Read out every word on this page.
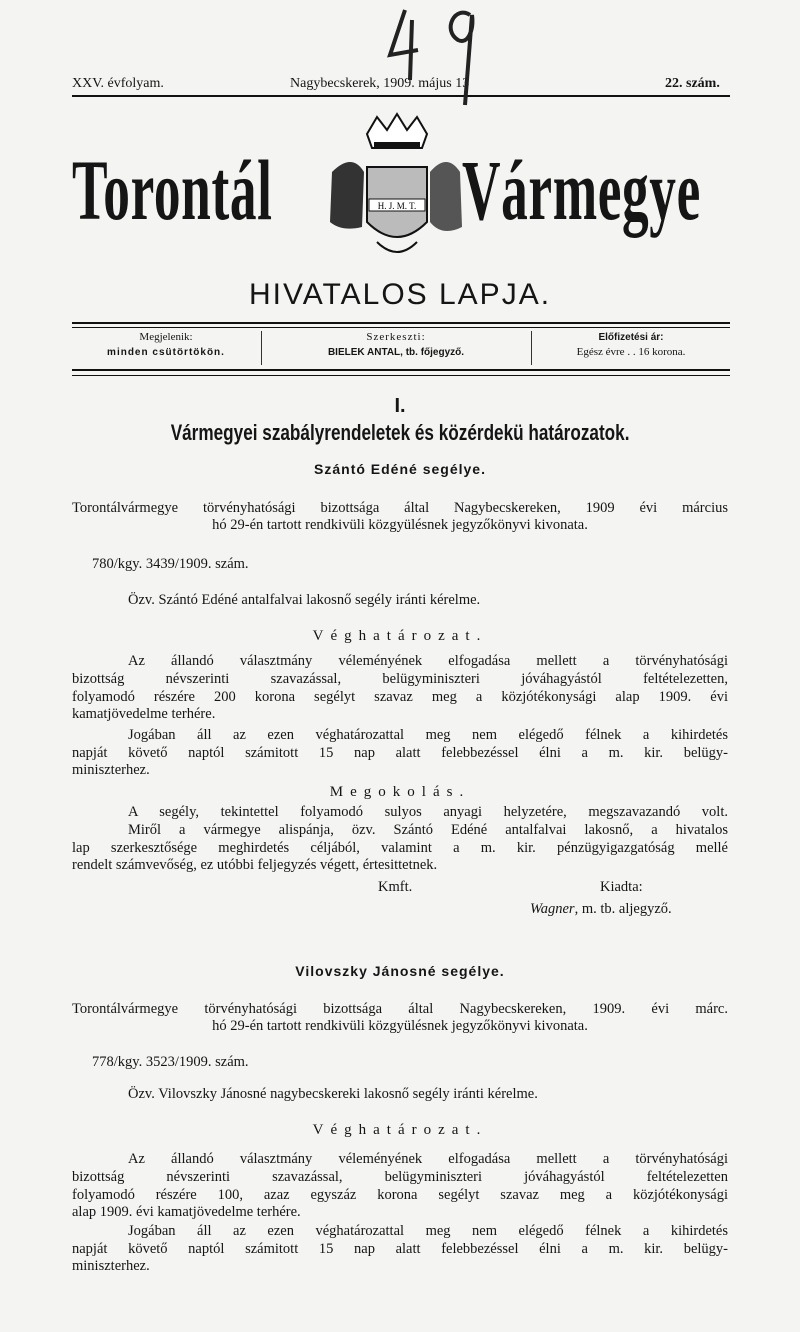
XXV. évfolyam.	Nagybecskerek, 1909. május 13	22. szám.
Torontál Vármegye
H. J. M. T.
HIVATALOS LAPJA.
Megjelenik:
minden csütörtökön.
Szerkeszti:
BIELEK ANTAL, tb. főjegyző.
Előfizetési ár:
Egész évre . . 16 korona.
I.
Vármegyei szabályrendeletek és közérdekü határozatok.
Szántó Edéné segélye.
Torontálvármegye törvényhatósági bizottsága által Nagybecskereken, 1909 évi március
hó 29-én tartott rendkivüli közgyülésnek jegyzőkönyvi kivonata.
780/kgy. 3439/1909. szám.
Özv. Szántó Edéné antalfalvai lakosnő segély iránti kérelme.
Véghatározat.
Az állandó választmány véleményének elfogadása mellett a törvényhatósági
bizottság névszerinti szavazással, belügyminiszteri jóváhagyástól feltételezetten,
folyamodó részére 200 korona segélyt szavaz meg a közjótékonysági alap 1909. évi
kamatjövedelme terhére.
Jogában áll az ezen véghatározattal meg nem elégedő félnek a kihirdetés
napját követő naptól számitott 15 nap alatt felebbezéssel élni a m. kir. belügy-
miniszterhez.
Megokolás.
A segély, tekintettel folyamodó sulyos anyagi helyzetére, megszavazandó volt.
Miről a vármegye alispánja, özv. Szántó Edéné antalfalvai lakosnő, a hivatalos
lap szerkesztősége meghirdetés céljából, valamint a m. kir. pénzügyigazgatóság mellé
rendelt számvevőség, ez utóbbi feljegyzés végett, értesittetnek.
Kmft.	Kiadta:
Wagner, m. tb. aljegyző.
Vilovszky Jánosné segélye.
Torontálvármegye törvényhatósági bizottsága által Nagybecskereken, 1909. évi márc.
hó 29-én tartott rendkivüli közgyülésnek jegyzőkönyvi kivonata.
778/kgy. 3523/1909. szám.
Özv. Vilovszky Jánosné nagybecskereki lakosnő segély iránti kérelme.
Véghatározat.
Az állandó választmány véleményének elfogadása mellett a törvényhatósági
bizottság névszerinti szavazással, belügyminiszteri jóváhagyástól feltételezetten
folyamodó részére 100, azaz egyszáz korona segélyt szavaz meg a közjótékonysági
alap 1909. évi kamatjövedelme terhére.
Jogában áll az ezen véghatározattal meg nem elégedő félnek a kihirdetés
napját követő naptól számitott 15 nap alatt felebbezéssel élni a m. kir. belügy-
miniszterhez.
